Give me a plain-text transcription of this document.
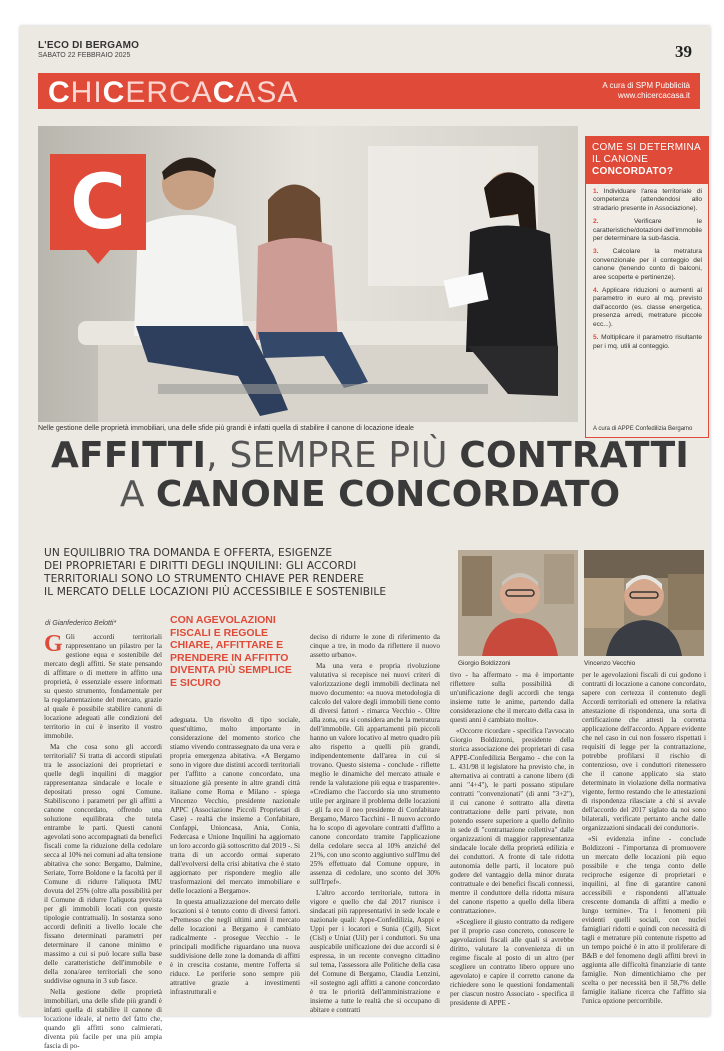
L'ECO DI BERGAMO
SABATO 22 FEBBRAIO 2025	39
CHICERCACASA	A cura di SPM Pubblicità
www.chicercacasa.it
C
Nelle gestione delle proprietà immobiliari, una delle sfide più grandi è infatti quella di stabilire il canone di locazione ideale
COME SI DETERMINA
IL CANONE
CONCORDATO?
1. Individuare l'area territoriale di competenza (attendendosi allo stradario presente in Associazione).
2.	Verificare le caratteristiche/dotazioni dell'immobile per determinare la sub-fascia.
3. Calcolare la metratura convenzionale per il conteggio del canone (tenendo conto di balconi, aree scoperte e pertinenze).
4. Applicare riduzioni o aumenti al parametro in euro al mq. previsto dall'accordo (es. classe energetica, presenza arredi, metrature piccole ecc...).
5. Moltiplicare il parametro risultante per i mq. utili al conteggio.
A cura di APPE Confedilizia Bergamo
AFFITTI, SEMPRE PIÙ CONTRATTI
A CANONE CONCORDATO
UN EQUILIBRIO TRA DOMANDA E OFFERTA, ESIGENZE
DEI PROPRIETARI E DIRITTI DEGLI INQUILINI: GLI ACCORDI
TERRITORIALI SONO LO STRUMENTO CHIAVE PER RENDERE
IL MERCATO DELLE LOCAZIONI PIÙ ACCESSIBILE E SOSTENIBILE
di Gianfederico Belotti*
Giorgio Boldizzoni	Vincenzo Vecchio
CON AGEVOLAZIONI FISCALI E REGOLE CHIARE, AFFITTARE E PRENDERE IN AFFITTO DIVENTA PIÙ SEMPLICE E SICURO

G Gli accordi territoriali rappresentano un pilastro per la gestione equa e sostenibile del mercato degli affitti. Se state pensando di affittare o di mettere in affitto una proprietà, è essenziale essere informati su questo strumento, fondamentale per la regolamentazione del mercato, grazie al quale è possibile stabilire canoni di locazione adeguati alle condizioni del territorio in cui è inserito il vostro immobile.

Ma che cosa sono gli accordi territoriali? Si tratta di accordi stipulati tra le associazioni dei proprietari e quelle degli inquilini di maggior rappresentanza sindacale e locale e depositati presso ogni Comune. Stabiliscono i parametri per gli affitti a canone concordato, offrendo una soluzione equilibrata che tutela entrambe le parti. Questi canoni agevolati sono accompagnati da benefici fiscali come la riduzione della cedolare secca al 10% nei comuni ad alta tensione abitativa che sono: Bergamo, Dalmine, Seriate, Torre Boldone e la facoltà per il Comune di ridurre l'aliquota IMU dovuta del 25% (oltre alla possibilità per il Comune di ridurre l'aliquota prevista per gli immobili locati con queste tipologie contrattuali). In sostanza sono accordi definiti a livello locale che fissano determinati parametri per determinare il canone minimo e massimo a cui si può locare sulla base delle caratteristiche dell'immobile e della zona/aree territoriali che sono suddivise ognuna in 3 sub fasce.

Nella gestione delle proprietà immobiliari, una delle sfide più grandi è infatti quella di stabilire il canone di locazione ideale, al netto del fatto che, quando gli affitti sono calmierati, diventa più facile per una più ampia fascia di po-

adeguata. Un risvolto di tipo sociale, quest'ultimo, molto importante in considerazione del momento storico che stiamo vivendo contrassegnato da una vera e propria emergenza abitativa. «A Bergamo sono in vigore due distinti accordi territoriali per l'affitto a canone concordato, una situazione già presente in altre grandi città italiane come Roma e Milano - spiega Vincenzo Vecchio, presidente nazionale APPC (Associazione Piccoli Proprietari di Case) - realtà che insieme a Confabitare, Confappi, Unioncasa, Ania, Conia, Federcasa e Unione Inquilini ha aggiornato un loro accordo già sottoscritto dal 2019 -. Si tratta di un accordo ormai superato dall'evolversi della crisi abitativa che è stato aggiornato per rispondere meglio alle trasformazioni del mercato immobiliare e delle locazioni a Bergamo».

In questa attualizzazione del mercato delle locazioni si è tenuto conto di diversi fattori. «Premesso che negli ultimi anni il mercato delle locazioni a Bergamo è cambiato radicalmente - prosegue Vecchio - le principali modifiche riguardano una nuova suddivisione delle zone la domanda di affitti è in crescita costante, mentre l'offerta si riduce. Le periferie sono sempre più attrattive grazie a investimenti infrastrutturali e

deciso di ridurre le zone di riferimento da cinque a tre, in modo da riflettere il nuovo assetto urbano».

Ma una vera e propria rivoluzione valutativa si recepisce nei nuovi criteri di valorizzazione degli immobili declinata nel nuovo documento: «a nuova metodologia di calcolo del valore degli immobili tiene conto di diversi fattori - rimarca Vecchio -. Oltre alla zona, ora si considera anche la metratura dell'immobile. Gli appartamenti più piccoli hanno un valore locativo al metro quadro più alto rispetto a quelli più grandi, indipendentemente dall'area in cui si trovano. Questo sistema - conclude - riflette meglio le dinamiche del mercato attuale e rende la valutazione più equa e trasparente». «Crediamo che l'accordo sia uno strumento utile per arginare il problema delle locazioni - gli fa eco il neo presidente di Confabitare Bergamo, Marco Tacchini - Il nuovo accordo ha lo scopo di agevolare contratti d'affitto a canone concordato tramite l'applicazione della cedolare secca al 10% anziché del 21%, con uno sconto aggiuntivo sull'Imu del 25% effettuato dal Comune oppure, in assenza di cedolare, uno sconto del 30% sull'Irpef».

L'altro accordo territoriale, tuttora in vigore e quello che dal 2017 riunisce i sindacati più rappresentativi in sede locale e nazionale quali: Appe-Confedilizia, Asppi e Uppi per i locatori e Sunia (Cgil), Sicet (Cisl) e Uniat (Uil) per i conduttori. Su una auspicabile unificazione dei due accordi si è espressa, in un recente convegno cittadino sul tema, l'assessora alle Politiche della casa del Comune di Bergamo, Claudia Lenzini, «il sostegno agli affitti a canone concordato è tra le priorità dell'amministrazione e insieme a tutte le realtà che si occupano di abitare e contratti

tivo - ha affermato - ma è importante riflettere sulla possibilità di un'unificazione degli accordi che tenga insieme tutte le anime, partendo dalla considerazione che il mercato della casa in questi anni è cambiato molto».

«Occorre ricordare - specifica l'avvocato Giorgio Boldizzoni, presidente della storica associazione dei proprietari di casa APPE-Confedilizia Bergamo - che con la L. 431/98 il legislatore ha previsto che, in alternativa ai contratti a canone libero (di anni "4+4"), le parti possano stipulare contratti "convenzionati" (di anni "3+2"), il cui canone è sottratto alla diretta contrattazione delle parti private, non potendo essere superiore a quello definito in sede di "contrattazione collettiva" dalle organizzazioni di maggior rappresentanza sindacale locale della proprietà edilizia e dei conduttori. A fronte di tale ridotta autonomia delle parti, il locatore può godere del vantaggio della minor durata contrattuale e dei benefici fiscali connessi, mentre il conduttore della ridotta misura del canone rispetto a quello della libera contrattazione».

«Scegliere il giusto contratto da redigere per il proprio caso concreto, conoscere le agevolazioni fiscali alle quali si avrebbe diritto, valutare la convenienza di un regime fiscale al posto di un altro (per scegliere un contratto libero oppure uno agevolato) e capire il corretto canone da richiedere sono le questioni fondamentali per ciascun nostro Associato - specifica il presidente di APPE -

per le agevolazioni fiscali di cui godono i contratti di locazione a canone concordato, sapere con certezza il contenuto degli Accordi territoriali ed ottenere la relativa attestazione di rispondenza, una sorta di certificazione che attesti la corretta applicazione dell'accordo. Appare evidente che nel caso in cui non fossero rispettati i requisiti di legge per la contrattazione, potrebbe profilarsi il rischio di contenzioso, ove i conduttori ritenessero che il canone applicato sia stato determinato in violazione della normativa vigente, fermo restando che le attestazioni di rispondenza rilasciate a chi si avvale dell'accordo del 2017 siglato da noi sono bilaterali, verificate pertanto anche dalle organizzazioni sindacali dei conduttori».

«Si evidenzia infine - conclude Boldizzoni - l'importanza di promuovere un mercato delle locazioni più equo possibile e che tenga conto delle reciproche esigenze di proprietari e inquilini, al fine di garantire canoni accessibili e rispondenti all'attuale crescente domanda di affitti a medio e lungo termine». Tra i fenomeni più evidenti quelli sociali, con nuclei famigliari ridotti e quindi con necessità di tagli e metrature più contenute rispetto ad un tempo poiché è in atto il proliferare di B&B e del fenomeno degli affitti brevi in aggiunta alle difficoltà finanziarie di tante famiglie. Non dimentichiamo che per scelta o per necessità ben il 58,7% delle famiglie italiane ricerca che l'affitto sia l'unica opzione percorribile.
